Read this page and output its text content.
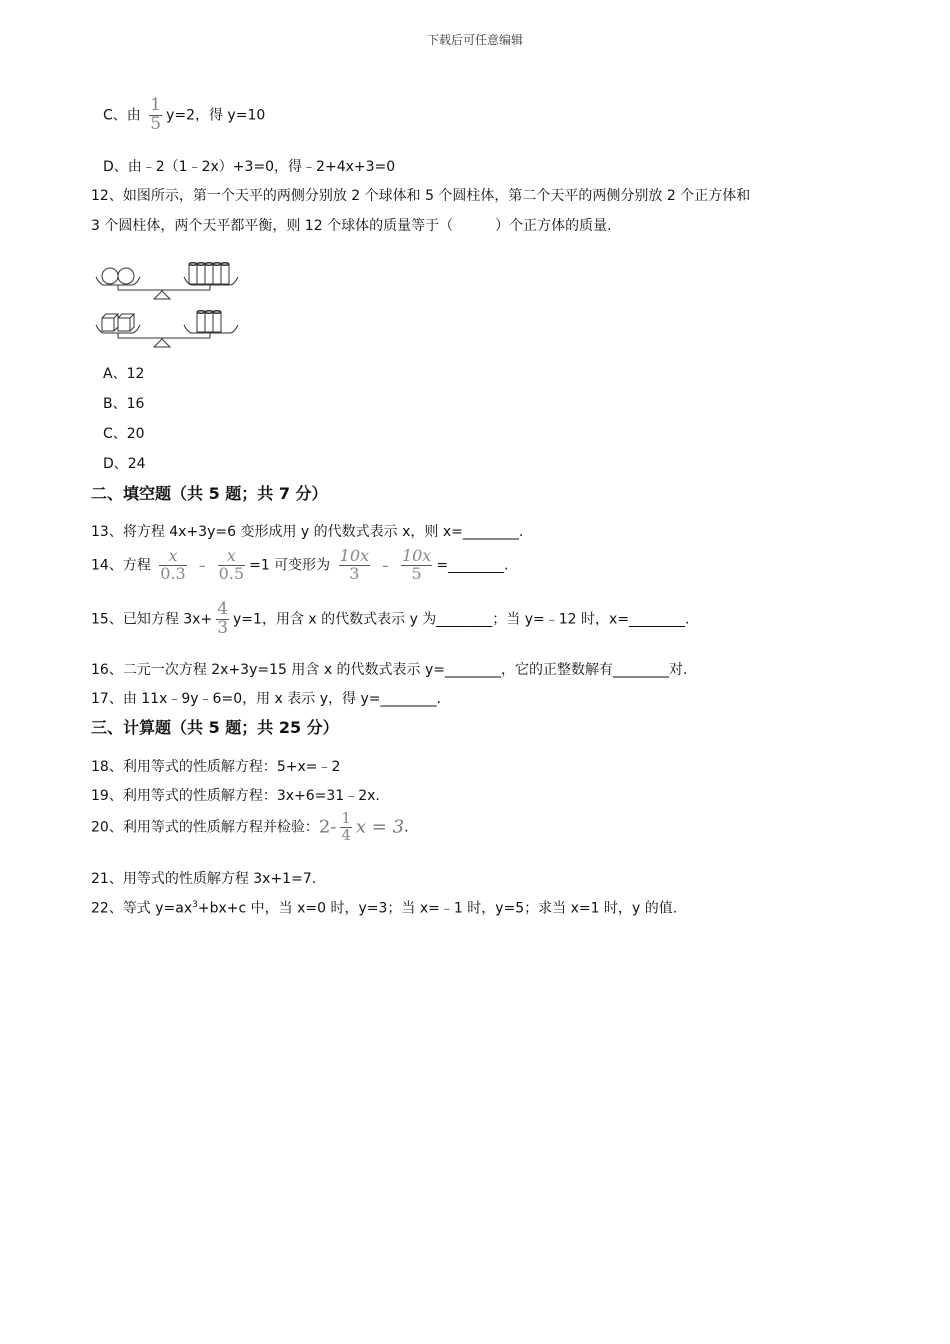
下载后可任意编辑
C、由 $\frac{1}{5} y=2$，得 y=10
D、由﹣2（1﹣2x）+3=0，得﹣2+4x+3=0
12、如图所示，第一个天平的两侧分别放 2 个球体和 5 个圆柱体，第二个天平的两侧分别放 2 个正方体和
3 个圆柱体，两个天平都平衡，则 12 个球体的质量等于（　　　）个正方体的质量.
A、12
B、16
C、20
D、24
二、填空题（共 5 题；共 7 分）
13、将方程 4x+3y=6 变形成用 y 的代数式表示 x，则 x=________.
14、方程 $\frac{x}{0.3}$ ﹣ $\frac{x}{0.5} =1$ 可变形为 $\frac{10x}{3}$ ﹣ $\frac{10x}{5}$ =________.
15、已知方程 $3x+ \frac{4}{3} y=1$，用含 x 的代数式表示 y 为________；当 y=﹣12 时，x=________.
16、二元一次方程 2x+3y=15 用含 x 的代数式表示 y=________，它的正整数解有________对.
17、由 11x﹣9y﹣6=0，用 x 表示 y，得 y=________.
三、计算题（共 5 题；共 25 分）
18、利用等式的性质解方程：5+x=﹣2
19、利用等式的性质解方程：3x+6=31﹣2x.
20、利用等式的性质解方程并检验：$2- \frac{1}{4}$ x = 3.
21、用等式的性质解方程 3x+1=7.
22、等式 $y=ax^3+bx+c$ 中，当 x=0 时，y=3；当 x=﹣1 时，y=5；求当 x=1 时，y 的值.
